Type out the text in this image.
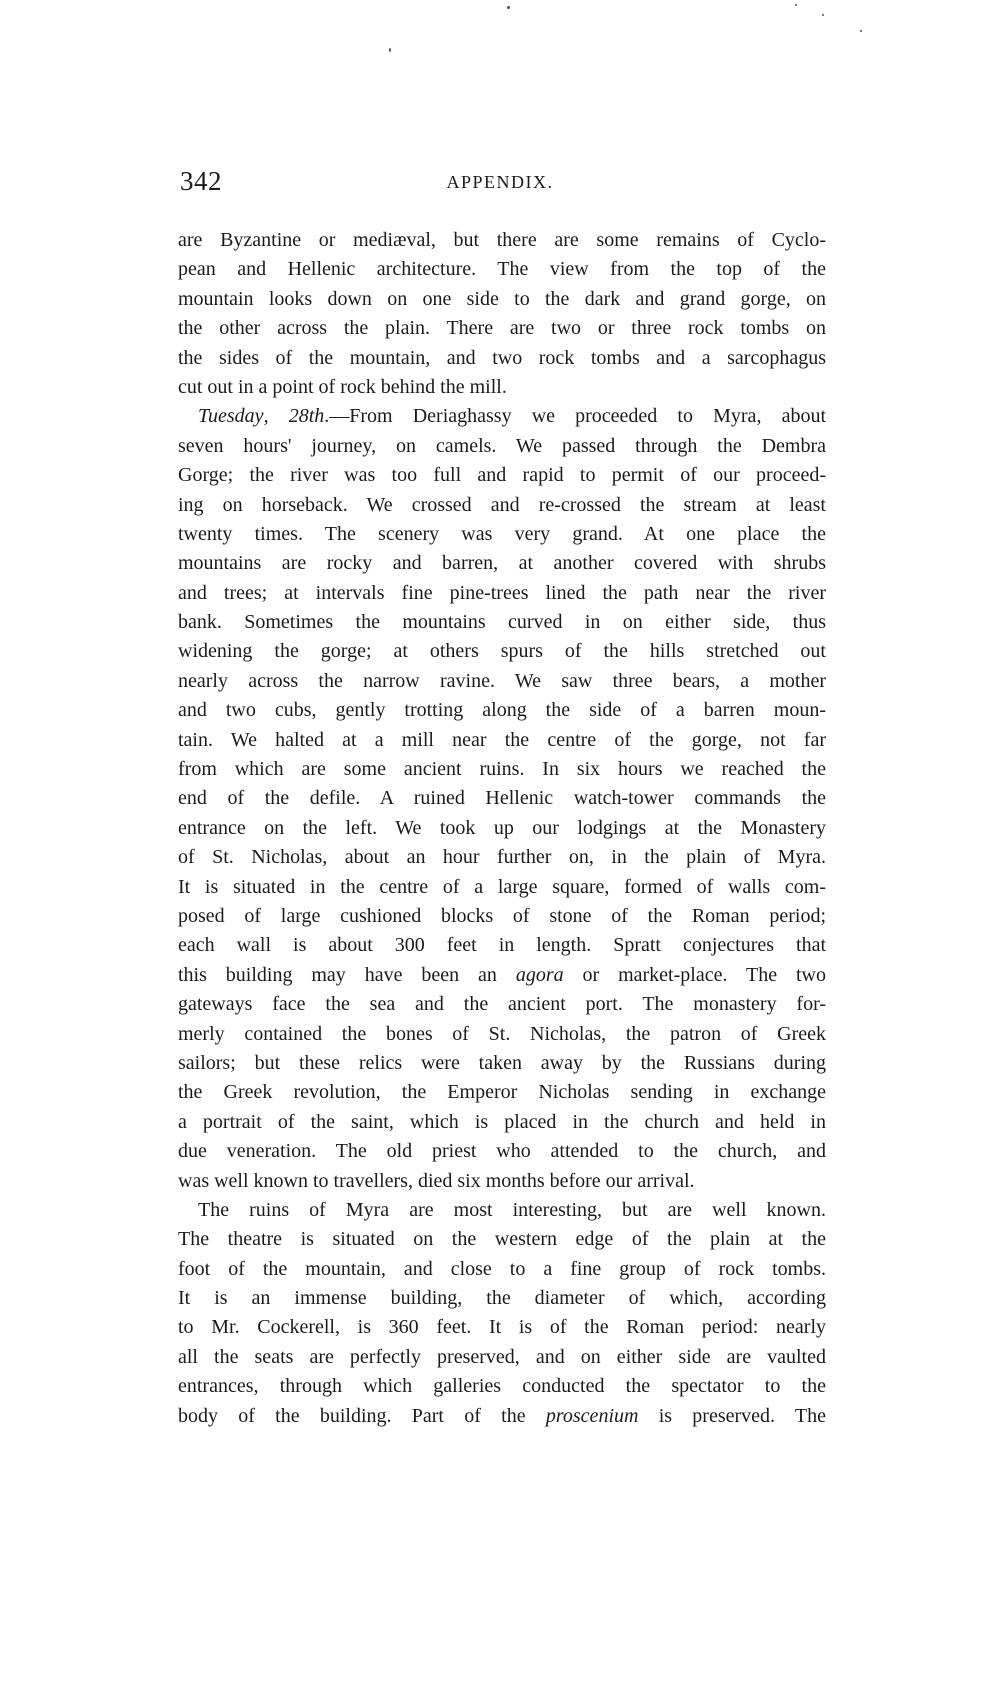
342	APPENDIX.
are Byzantine or mediæval, but there are some remains of Cyclo-
pean and Hellenic architecture. The view from the top of the
mountain looks down on one side to the dark and grand gorge, on
the other across the plain. There are two or three rock tombs on
the sides of the mountain, and two rock tombs and a sarcophagus
cut out in a point of rock behind the mill.
Tuesday, 28th.—From Deriaghassy we proceeded to Myra, about
seven hours' journey, on camels. We passed through the Dembra
Gorge; the river was too full and rapid to permit of our proceed-
ing on horseback. We crossed and re-crossed the stream at least
twenty times. The scenery was very grand. At one place the
mountains are rocky and barren, at another covered with shrubs
and trees; at intervals fine pine-trees lined the path near the river
bank. Sometimes the mountains curved in on either side, thus
widening the gorge; at others spurs of the hills stretched out
nearly across the narrow ravine. We saw three bears, a mother
and two cubs, gently trotting along the side of a barren moun-
tain. We halted at a mill near the centre of the gorge, not far
from which are some ancient ruins. In six hours we reached the
end of the defile. A ruined Hellenic watch-tower commands the
entrance on the left. We took up our lodgings at the Monastery
of St. Nicholas, about an hour further on, in the plain of Myra.
It is situated in the centre of a large square, formed of walls com-
posed of large cushioned blocks of stone of the Roman period;
each wall is about 300 feet in length. Spratt conjectures that
this building may have been an agora or market-place. The two
gateways face the sea and the ancient port. The monastery for-
merly contained the bones of St. Nicholas, the patron of Greek
sailors; but these relics were taken away by the Russians during
the Greek revolution, the Emperor Nicholas sending in exchange
a portrait of the saint, which is placed in the church and held in
due veneration. The old priest who attended to the church, and
was well known to travellers, died six months before our arrival.
The ruins of Myra are most interesting, but are well known.
The theatre is situated on the western edge of the plain at the
foot of the mountain, and close to a fine group of rock tombs.
It is an immense building, the diameter of which, according
to Mr. Cockerell, is 360 feet. It is of the Roman period: nearly
all the seats are perfectly preserved, and on either side are vaulted
entrances, through which galleries conducted the spectator to the
body of the building. Part of the proscenium is preserved. The
